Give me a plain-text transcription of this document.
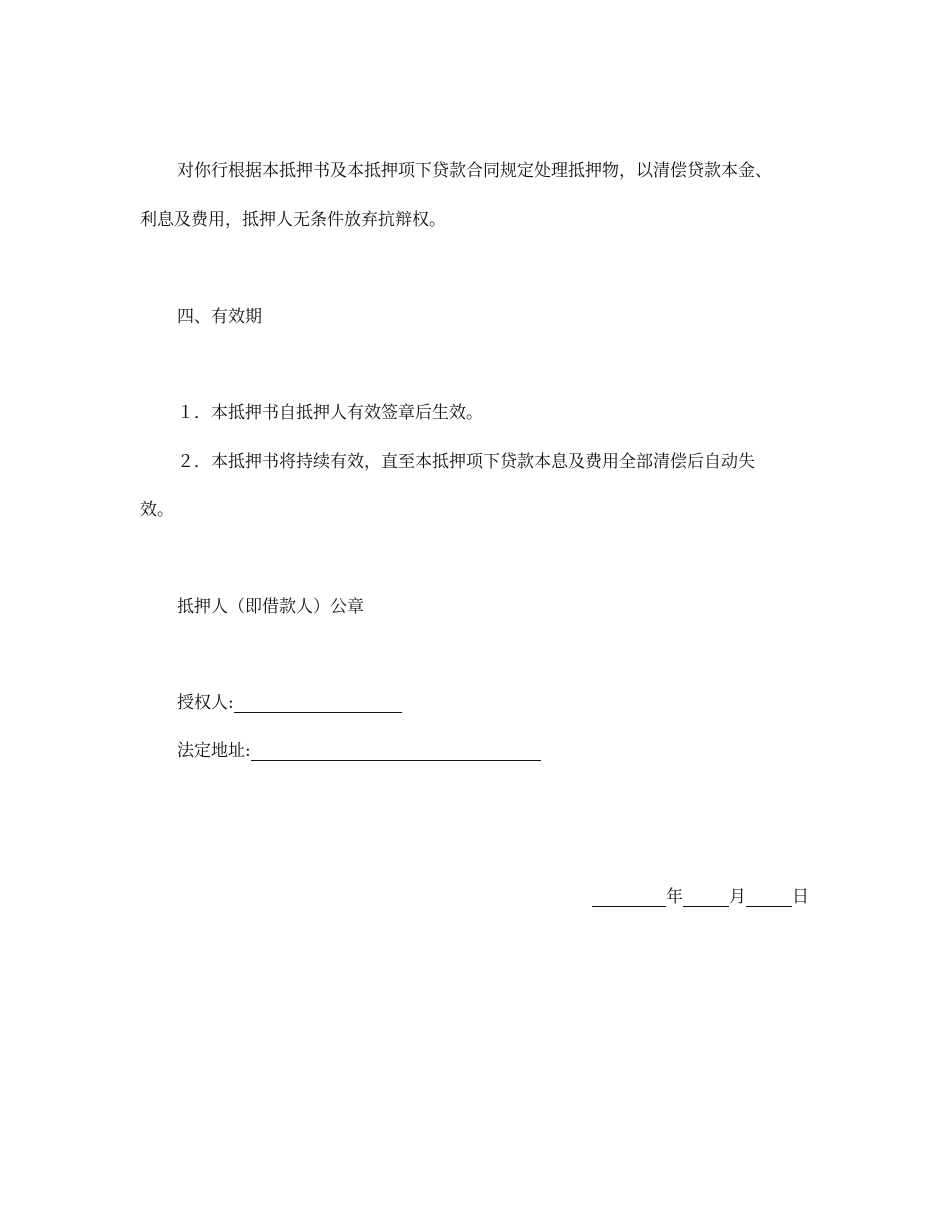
对你行根据本抵押书及本抵押项下贷款合同规定处理抵押物，以清偿贷款本金、
利息及费用，抵押人无条件放弃抗辩权。
四、有效期
１．本抵押书自抵押人有效签章后生效。
２．本抵押书将持续有效，直至本抵押项下贷款本息及费用全部清偿后自动失
效。
抵押人（即借款人）公章
授权人:
法定地址:
年	月	日
